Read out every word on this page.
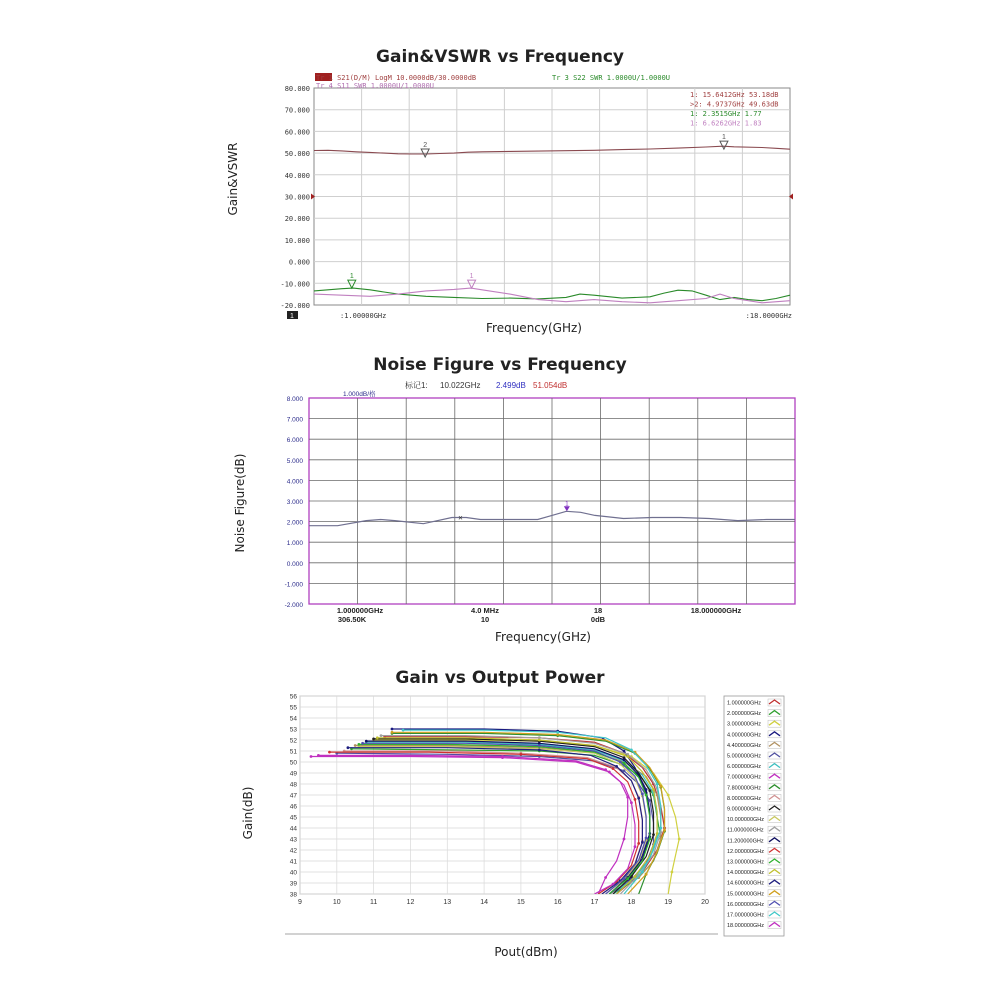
Gain&VSWR vs Frequency
Gain&VSWR
Frequency(GHz)
80.000
70.000
60.000
50.000
40.000
30.000
20.000
10.000
0.000
-10.000
-20.000
Tr 1 S21(D/M) LogM 10.0000dB/30.0000dB
Tr 4 S11 SWR 1.0000U/1.0000U
Tr 3 S22 SWR 1.0000U/1.0000U
1: 15.6412GHz 53.18dB
>2: 4.9737GHz 49.63dB
1: 2.3515GHz 1.77
1: 6.6262GHz 1.83
2
1
1	1
1	:1.00000GHz	:18.0000GHz
Noise Figure vs Frequency
Noise Figure(dB)
Frequency(GHz)
8.000
7.000
6.000
5.000
4.000
3.000
2.000
1.000
0.000
-1.000
-2.000
1.000dB/格
标记1: 10.022GHz 2.499dB 51.054dB
×
1
1.000000GHz
306.50K
4.0 MHz
10
18
0dB
18.000000GHz
Gain vs Output Power
Gain(dB)
Pout(dBm)
9	10	11	12	13	14	15	16	17	18	19	20
38
39
40
41
42
43
44
45
46
47
48
49
50
51
52
53
54
55
56
1.000000GHz
2.000000GHz
3.000000GHz
4.000000GHz
4.400000GHz
5.000000GHz
6.000000GHz
7.000000GHz
7.800000GHz
8.000000GHz
9.000000GHz
10.000000GHz
11.000000GHz
11.200000GHz
12.000000GHz
13.000000GHz
14.000000GHz
14.600000GHz
15.000000GHz
16.000000GHz
17.000000GHz
18.000000GHz
